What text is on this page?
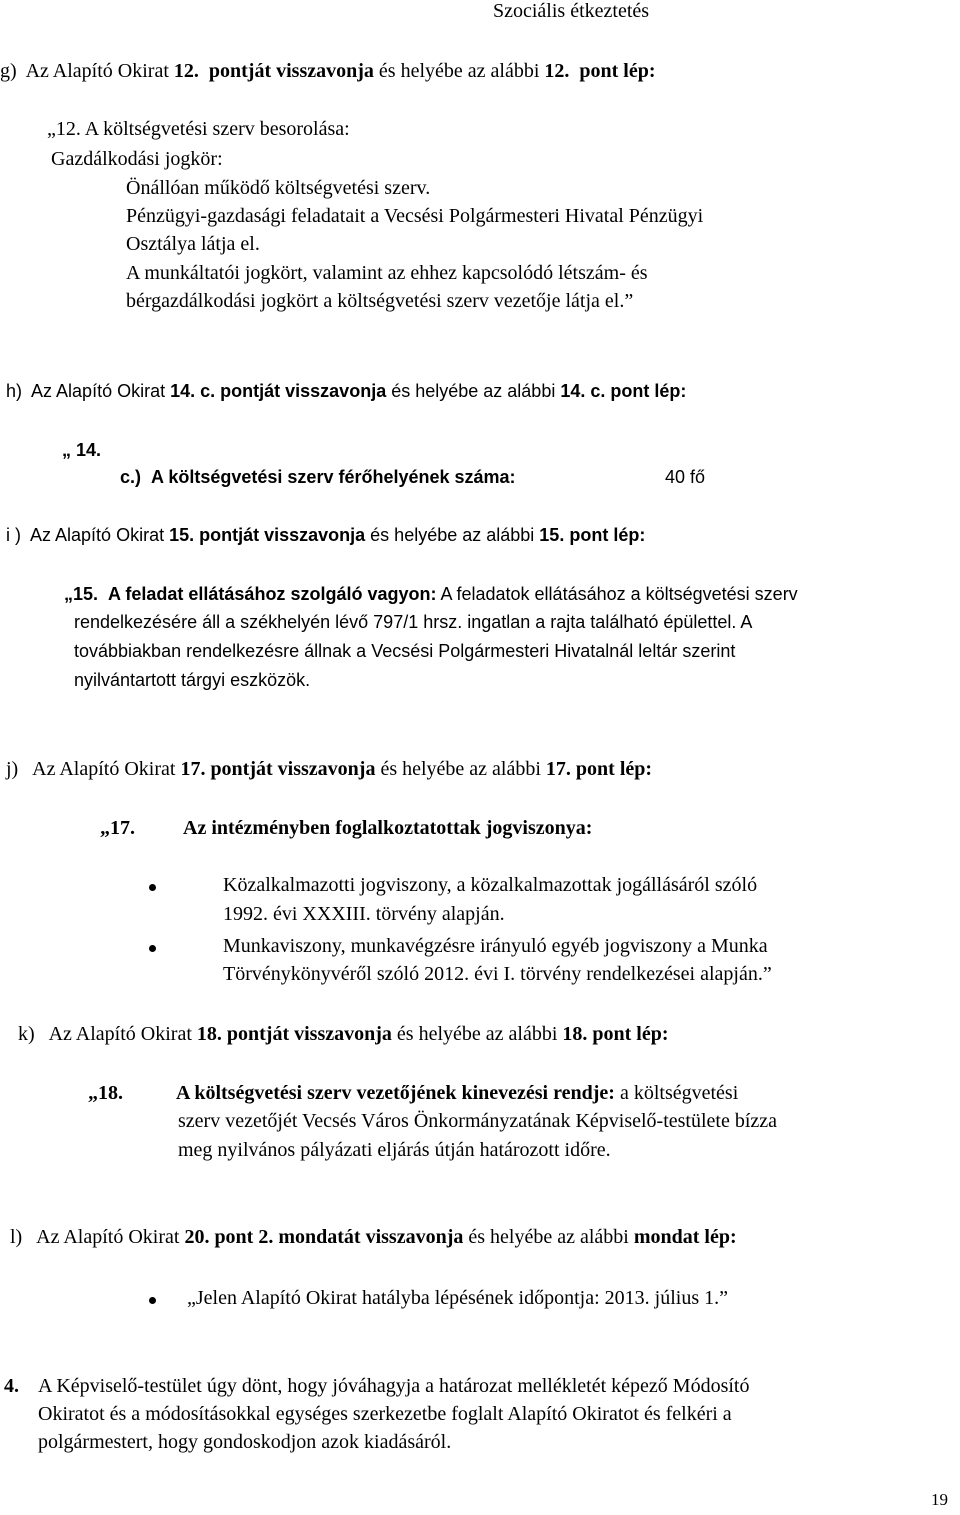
Szociális étkeztetés
g) Az Alapító Okirat 12. pontját visszavonja és helyébe az alábbi 12. pont lép:
„12. A költségvetési szerv besorolása:
Gazdálkodási jogkör:
Önállóan működő költségvetési szerv.
Pénzügyi-gazdasági feladatait a Vecsési Polgármesteri Hivatal Pénzügyi
Osztálya látja el.
A munkáltatói jogkört, valamint az ehhez kapcsolódó létszám- és
bérgazdálkodási jogkört a költségvetési szerv vezetője látja el.”
h) Az Alapító Okirat 14. c. pontját visszavonja és helyébe az alábbi 14. c. pont lép:
„ 14.
c.) A költségvetési szerv férőhelyének száma:	40 fő
i ) Az Alapító Okirat 15. pontját visszavonja és helyébe az alábbi 15. pont lép:
„15. A feladat ellátásához szolgáló vagyon: A feladatok ellátásához a költségvetési szerv
rendelkezésére áll a székhelyén lévő 797/1 hrsz. ingatlan a rajta található épülettel. A
továbbiakban rendelkezésre állnak a Vecsési Polgármesteri Hivatalnál leltár szerint
nyilvántartott tárgyi eszközök.
j) Az Alapító Okirat 17. pontját visszavonja és helyébe az alábbi 17. pont lép:
„17. Az intézményben foglalkoztatottak jogviszonya:
Közalkalmazotti jogviszony, a közalkalmazottak jogállásáról szóló
1992. évi XXXIII. törvény alapján.
Munkaviszony, munkavégzésre irányuló egyéb jogviszony a Munka
Törvénykönyvéről szóló 2012. évi I. törvény rendelkezései alapján.”
k) Az Alapító Okirat 18. pontját visszavonja és helyébe az alábbi 18. pont lép:
„18.	A költségvetési szerv vezetőjének kinevezési rendje: a költségvetési
szerv vezetőjét Vecsés Város Önkormányzatának Képviselő-testülete bízza
meg nyilvános pályázati eljárás útján határozott időre.
l) Az Alapító Okirat 20. pont 2. mondatát visszavonja és helyébe az alábbi mondat lép:
„Jelen Alapító Okirat hatályba lépésének időpontja: 2013. július 1.”
4. A Képviselő-testület úgy dönt, hogy jóváhagyja a határozat mellékletét képező Módosító
Okiratot és a módosításokkal egységes szerkezetbe foglalt Alapító Okiratot és felkéri a
polgármestert, hogy gondoskodjon azok kiadásáról.
19
